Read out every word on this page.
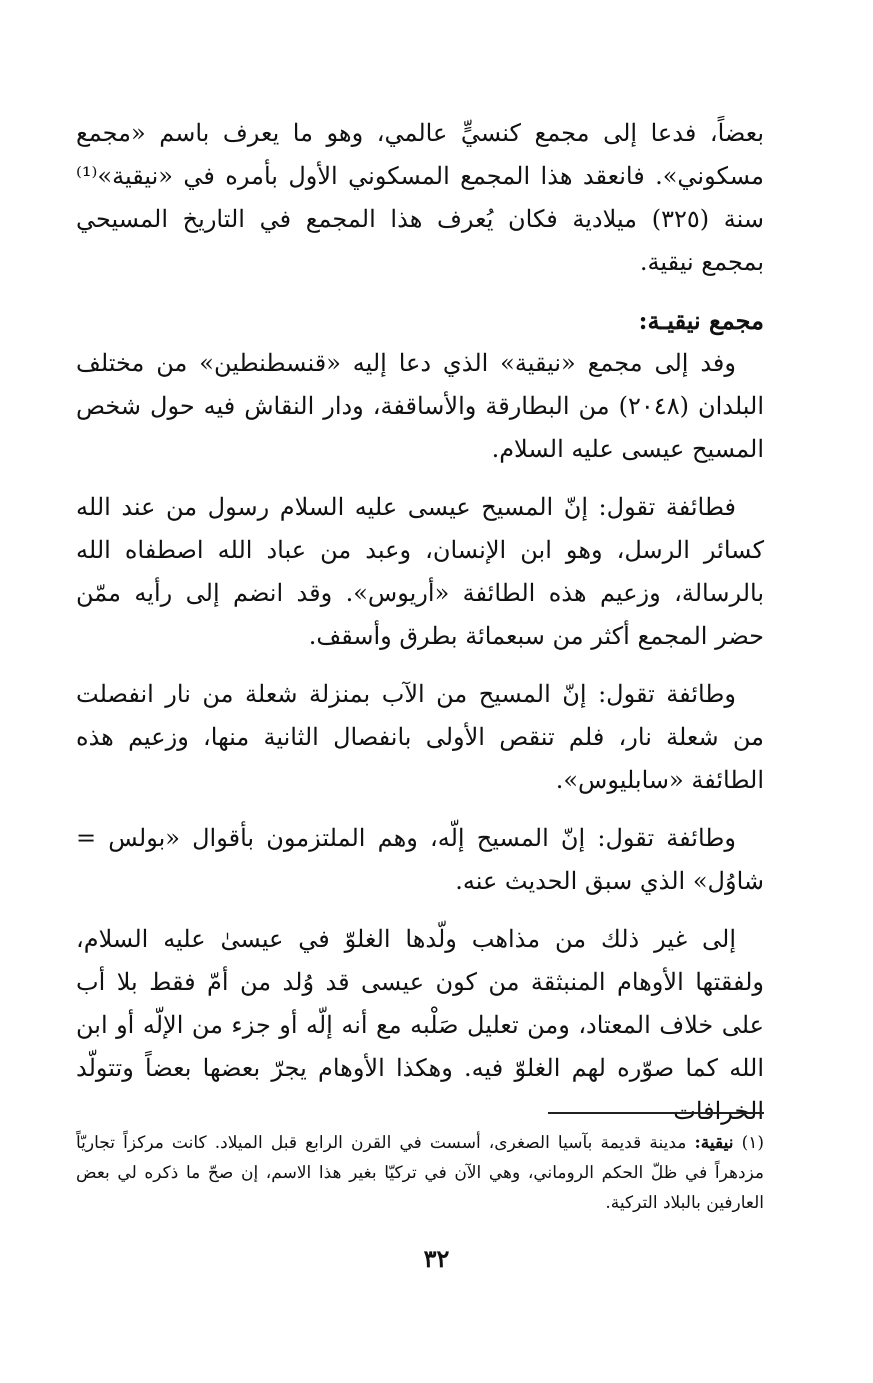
بعضاً، فدعا إلى مجمع كنسيٍّ عالمي، وهو ما يعرف باسم «مجمع مسكوني». فانعقد هذا المجمع المسكوني الأول بأمره في «نيقية»⁽¹⁾ سنة (٣٢٥) ميلادية فكان يُعرف هذا المجمع في التاريخ المسيحي بمجمع نيقية.

مجمع نيقيـة:

وفد إلى مجمع «نيقية» الذي دعا إليه «قنسطنطين» من مختلف البلدان (٢٠٤٨) من البطارقة والأساقفة، ودار النقاش فيه حول شخص المسيح عيسى عليه السلام.

فطائفة تقول: إنّ المسيح عيسى عليه السلام رسول من عند الله كسائر الرسل، وهو ابن الإنسان، وعبد من عباد الله اصطفاه الله بالرسالة، وزعيم هذه الطائفة «أريوس». وقد انضم إلى رأيه ممّن حضر المجمع أكثر من سبعمائة بطرق وأسقف.

وطائفة تقول: إنّ المسيح من الآب بمنزلة شعلة من نار انفصلت من شعلة نار، فلم تنقص الأولى بانفصال الثانية منها، وزعيم هذه الطائفة «سابليوس».

وطائفة تقول: إنّ المسيح إلّه، وهم الملتزمون بأقوال «بولس = شاوُل» الذي سبق الحديث عنه.

إلى غير ذلك من مذاهب ولّدها الغلوّ في عيسىٰ عليه السلام، ولفقتها الأوهام المنبثقة من كون عيسى قد وُلد من أمّ فقط بلا أب على خلاف المعتاد، ومن تعليل صَلْبه مع أنه إلّه أو جزء من الإلّه أو ابن الله كما صوّره لهم الغلوّ فيه. وهكذا الأوهام يجرّ بعضها بعضاً وتتولّد الخرافات

(١) نيقية: مدينة قديمة بآسيا الصغرى، أسست في القرن الرابع قبل الميلاد. كانت مركزاً تجاريّاً مزدهراً في ظلّ الحكم الروماني، وهي الآن في تركيّا بغير هذا الاسم، إن صحّ ما ذكره لي بعض العارفين بالبلاد التركية.
٣٢
